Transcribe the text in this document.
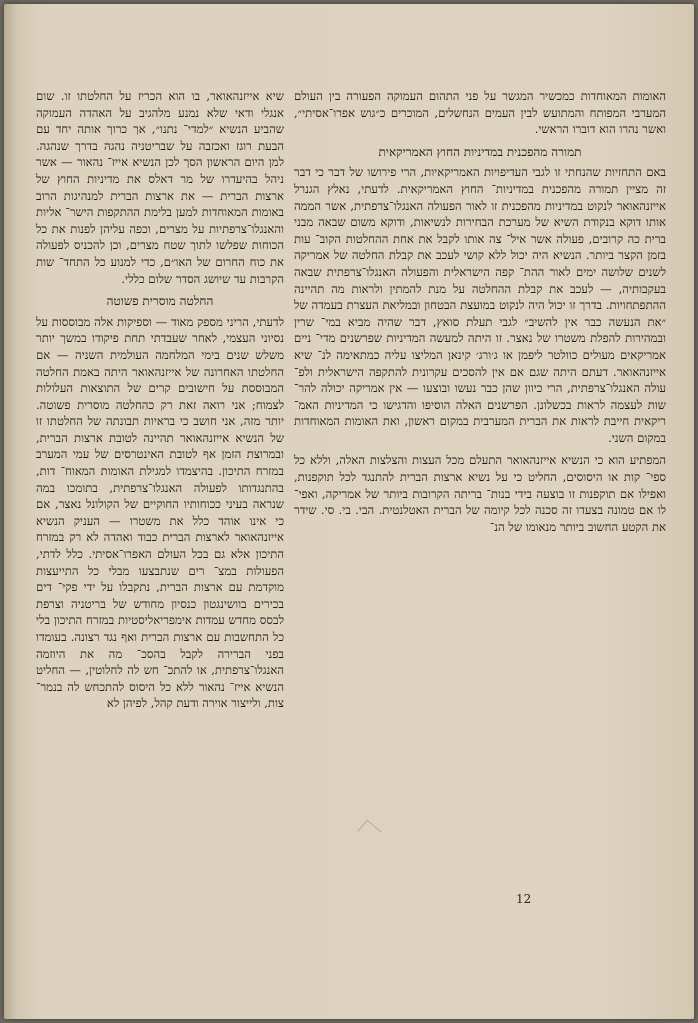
האומות המאוחדות כמכשיר המגשר על פני התהום העמוקה הפעורה בין העולם המערבי המפותח והמתועש לבין העמים הנחשלים, המוכרים כ״גוש אפרו־אסיתי״, ואשר נהרו הוא דוברו הראשי.

תמורה מהפכנית במדיניות החוץ האמריקאית

באם התחזיות שהנחתי זו לגבי העדיפויות האמריקאיות, הרי פירושו של דבר כי דבר זה מציין תמורה מהפכנית במדיניות־ החוץ האמריקאית. לדעתי, נאלץ הגנרל אייזנהאואר לנקוט במדיניות מהפכנית זו לאור הפעולה האנגלו־צרפתית, אשר הממה אותו דוקא בנקודת השיא של מערכת הבחירות לנשיאות, ודוקא משום שבאה מבני ברית כה קרובים, פעולה אשר איל־ צה אותו לקבל את אחת ההחלטות הקוב־ עות בזמן הקצר ביותר. הנשיא היה יכול ללא קושי לעכב את קבלת החלטה של אמריקה לשנים שלושה ימים לאור ההת־ קפה הישראלית והפעולה האנגלו־צרפתית שבאה בעקבותיה, — לעכב את קבלת ההחלטה על מנת להמתין ולראות מה תהיינה ההתפתחויות. בדרך זו יכול היה לנקוט במועצת הבטחון ובמליאת העצרת בעמדה של ״את הנעשה כבר אין להשיב״ לגבי תעלת סואץ, דבר שהיה מביא במי־ שרין ובמהירות להפלת משטרו של נאצר. זו היתה למעשה המדיניות שפרשנים מדי־ ניים אמריקאים מעולים כוולטר ליפמן או ג׳ורג׳ קינאן המליצו עליה כמתאימה לנ־ שיא אייזנהאואר. דעתם היתה שגם אם אין להסכים עקרונית להתקפה הישראלית ולפ־ עולה האנגלו־צרפתית, הרי כיוון שהן כבר נעשו ובוצעו — אין אמריקה יכולה להר־ שות לעצמה לראות בכשלונן. הפרשנים האלה הוסיפו והדגישו כי המדיניות האמ־ ריקאית חייבת לראות את הברית המערבית במקום ראשון, ואת האומות המאוחדות במקום השני.

המפתיע הוא כי הנשיא אייזנהאואר התעלם מכל העצות והצלצות האלה, וללא כל ספי־ קות או היסוסים, החליט כי על נשיא ארצות הברית להתנגד לכל תוקפנות, ואפילו אם תוקפנות זו בוצעה בידי בנות־ בריתה הקרובות ביותר של אמריקה, ואפי־ לו אם טמונה בצעדו זה סכנה לכל קיומה של הברית האטלנטית. הבי. בי. סי. שידר את הקטע החשוב ביותר מנאומו של הנ־

שיא אייזנהאואר, בו הוא הכריז על החלטתו זו. שום אנגלי ודאי שלא נמנע מלהגיב על האהדה העמוקה שהביע הנשיא ״למדי־ נתנו״, אך כרוך אותה יחד עם הבעת רוגז ואכזבה על שבריטניה נהגה בדרך שנהגה. למן היום הראשון הסך לכן הנשיא אייז־ נהאור — אשר ניהל בהיעדרו של מר דאלס את מדיניות החוץ של ארצות הברית — את ארצות הברית למנהיגות הרוב באומות המאוחדות למען בלימת ההתקפות הישר־ אליות והאנגלו־צרפתיות על מצרים, וכפה עליהן לפנות את כל הכוחות שפלשו לתוך שטח מצרים, וכן להכניס לפעולה את כוח החרום של האו״ם, כדי למנוע כל התחד־ שות הקרבות עד שיושג הסדר שלום כללי.

החלטה מוסרית פשוטה

לדעתי, הריני מספק מאוד — וספיקות אלה מבוססות על נסיוני העצמי, לאחר שעבדתי תחת פיקודו במשך יותר משלש שנים בימי המלחמה העולמית השניה — אם החלטתו האחרונה של אייזנהאואר היתה באמת החלטה המבוססת על חישובים קרים של התוצאות העלולות לצמוח; אני רואה זאת רק כהחלטה מוסרית פשוטה. יותר מזה, אני חושב כי בראיות תבונתה של החלטתו זו של הנשיא אייזנהאואר תהיינה לטובת ארצות הברית, ובמרוצת הזמן אף לטובת האינטרסים של עמי המערב במזרח התיכון. בהיצמדו למגילת האומות המאוח־ דות, בהתנגדותו לפעולה האנגלו־צרפתית, בתומכו במה שנראה בעיני ככוחותיו החוקיים של הקולונל נאצר, אם כי אינו אוהד כלל את משטרו — העניק הנשיא אייזנהאואר לארצות הברית כבוד ואהדה לא רק במזרח התיכון אלא גם בכל העולם האפרו־אסיתי. כלל לדתי, הפעולות במצ־ רים שנתבצעו מבלי כל התייעצות מוקדמת עם ארצות הברית, נתקבלו על ידי פקי־ דים בכירים בוושינגטון כנסיון מחודש של בריטניה וצרפת לבסס מחדש עמדות אימפריאליסטיות במזרח התיכון בלי כל התחשבות עם ארצות הברית ואף נגד רצונה. בעומדו בפני הברירה לקבל בהסכ־ מה את היוזמה האנגלו־צרפתית, או להתכ־ חש לה לחלוטין, — החליט הנשיא אייז־ נהאור ללא כל היסוס להתכחש לה בנמר־ צות, ולייצור אוירה ודעת קהל, לפיהן לא

12
